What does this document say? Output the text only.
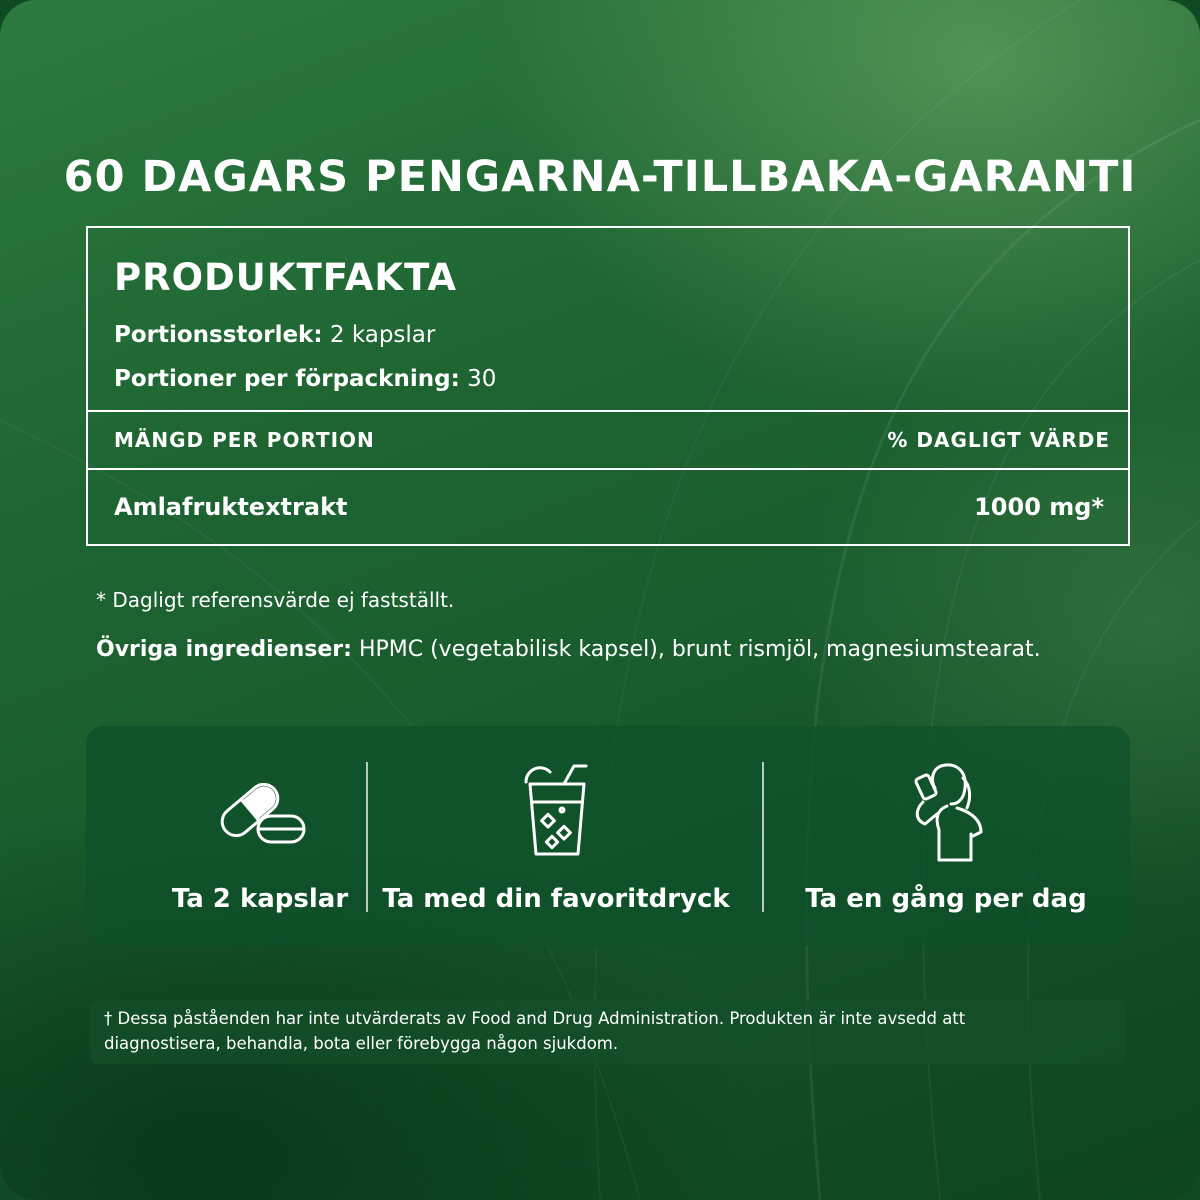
60 DAGARS PENGARNA-TILLBAKA-GARANTI
PRODUKTFAKTA
Portionsstorlek: 2 kapslar
Portioner per förpackning: 30
MÄNGD PER PORTION	% DAGLIGT VÄRDE
Amlafruktextrakt	1000 mg*
* Dagligt referensvärde ej fastställt.
Övriga ingredienser: HPMC (vegetabilisk kapsel), brunt rismjöl, magnesiumstearat.
Ta 2 kapslar	Ta med din favoritdryck	Ta en gång per dag
† Dessa påståenden har inte utvärderats av Food and Drug Administration. Produkten är inte avsedd att
diagnostisera, behandla, bota eller förebygga någon sjukdom.
